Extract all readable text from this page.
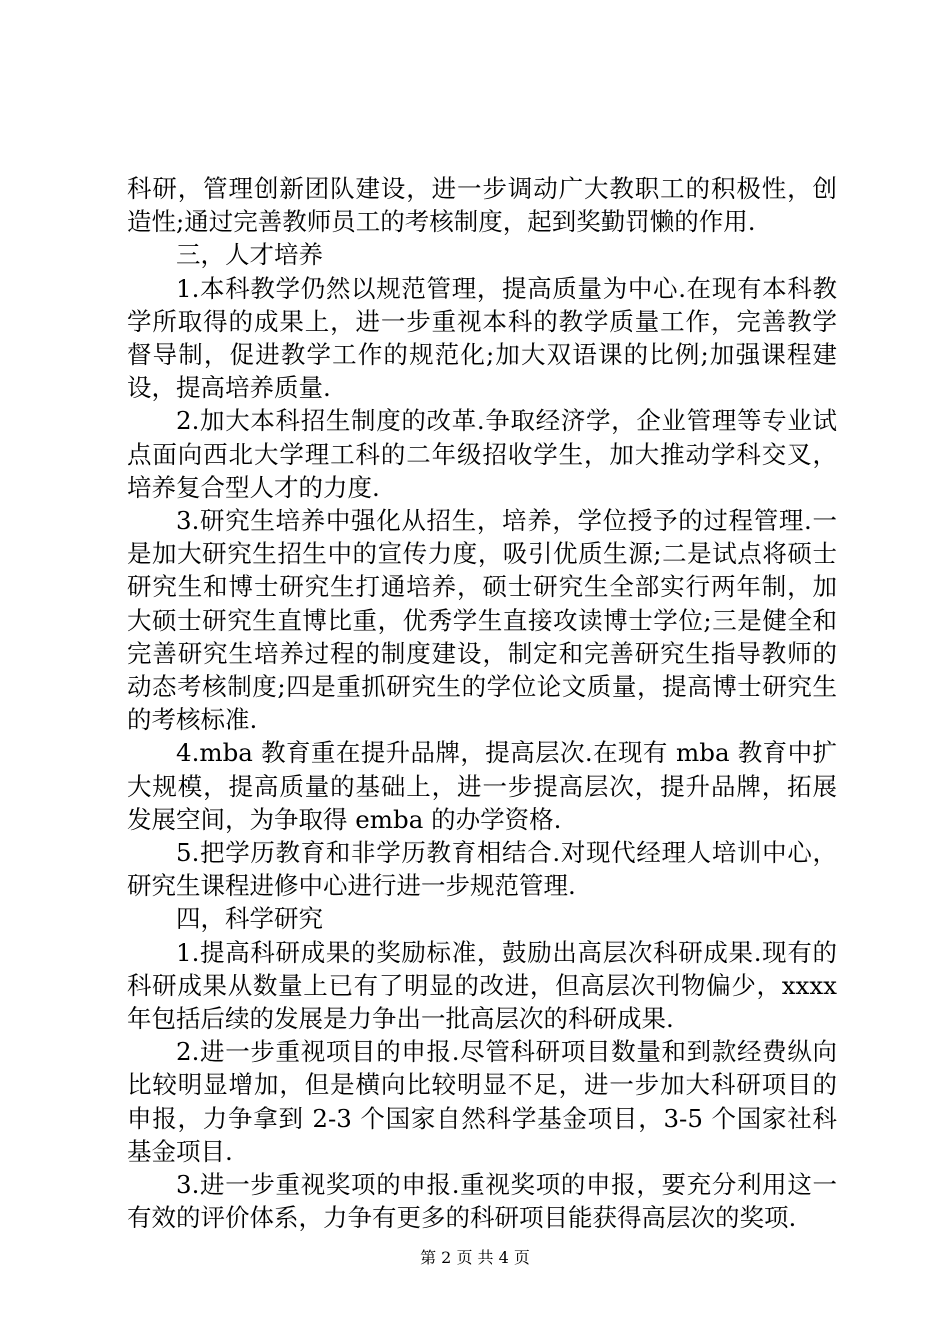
科研，管理创新团队建设，进一步调动广大教职工的积极性，创造性;通过完善教师员工的考核制度，起到奖勤罚懒的作用.

三，人才培养

1.本科教学仍然以规范管理，提高质量为中心.在现有本科教学所取得的成果上，进一步重视本科的教学质量工作，完善教学督导制，促进教学工作的规范化;加大双语课的比例;加强课程建设，提高培养质量.

2.加大本科招生制度的改革.争取经济学，企业管理等专业试点面向西北大学理工科的二年级招收学生，加大推动学科交叉，培养复合型人才的力度.

3.研究生培养中强化从招生，培养，学位授予的过程管理.一是加大研究生招生中的宣传力度，吸引优质生源;二是试点将硕士研究生和博士研究生打通培养，硕士研究生全部实行两年制，加大硕士研究生直博比重，优秀学生直接攻读博士学位;三是健全和完善研究生培养过程的制度建设，制定和完善研究生指导教师的动态考核制度;四是重抓研究生的学位论文质量，提高博士研究生的考核标准.

4.mba 教育重在提升品牌，提高层次.在现有 mba 教育中扩大规模，提高质量的基础上，进一步提高层次，提升品牌，拓展发展空间，为争取得 emba 的办学资格.

5.把学历教育和非学历教育相结合.对现代经理人培训中心，研究生课程进修中心进行进一步规范管理.

四，科学研究

1.提高科研成果的奖励标准，鼓励出高层次科研成果.现有的科研成果从数量上已有了明显的改进，但高层次刊物偏少，xxxx 年包括后续的发展是力争出一批高层次的科研成果.

2.进一步重视项目的申报.尽管科研项目数量和到款经费纵向比较明显增加，但是横向比较明显不足，进一步加大科研项目的申报，力争拿到 2-3 个国家自然科学基金项目，3-5 个国家社科基金项目.

3.进一步重视奖项的申报.重视奖项的申报，要充分利用这一有效的评价体系，力争有更多的科研项目能获得高层次的奖项.

第 2 页 共 4 页
